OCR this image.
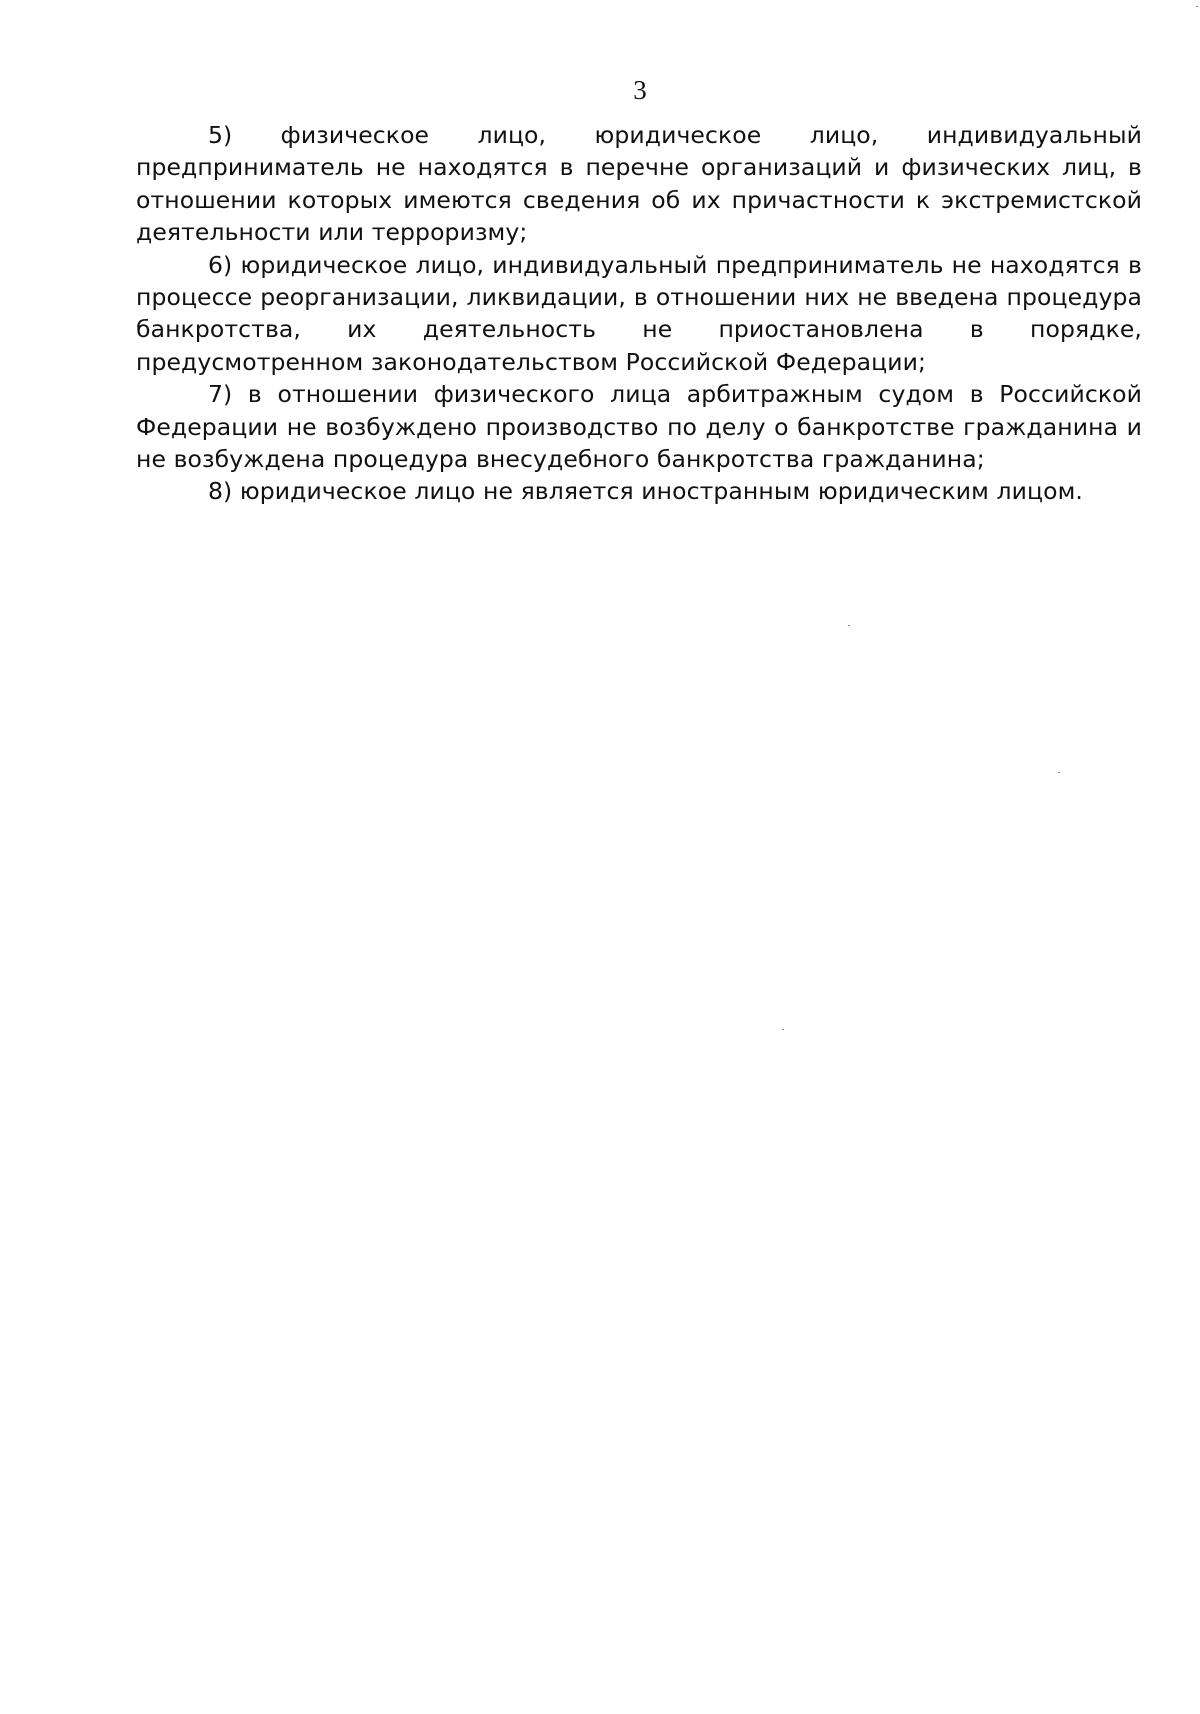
3

5) физическое лицо, юридическое лицо, индивидуальный предприниматель не находятся в перечне организаций и физических лиц, в отношении которых имеются сведения об их причастности к экстремистской деятельности или терроризму;

6) юридическое лицо, индивидуальный предприниматель не находятся в процессе реорганизации, ликвидации, в отношении них не введена процедура банкротства, их деятельность не приостановлена в порядке, предусмотренном законодательством Российской Федерации;

7) в отношении физического лица арбитражным судом в Российской Федерации не возбуждено производство по делу о банкротстве гражданина и не возбуждена процедура внесудебного банкротства гражданина;

8) юридическое лицо не является иностранным юридическим лицом.
